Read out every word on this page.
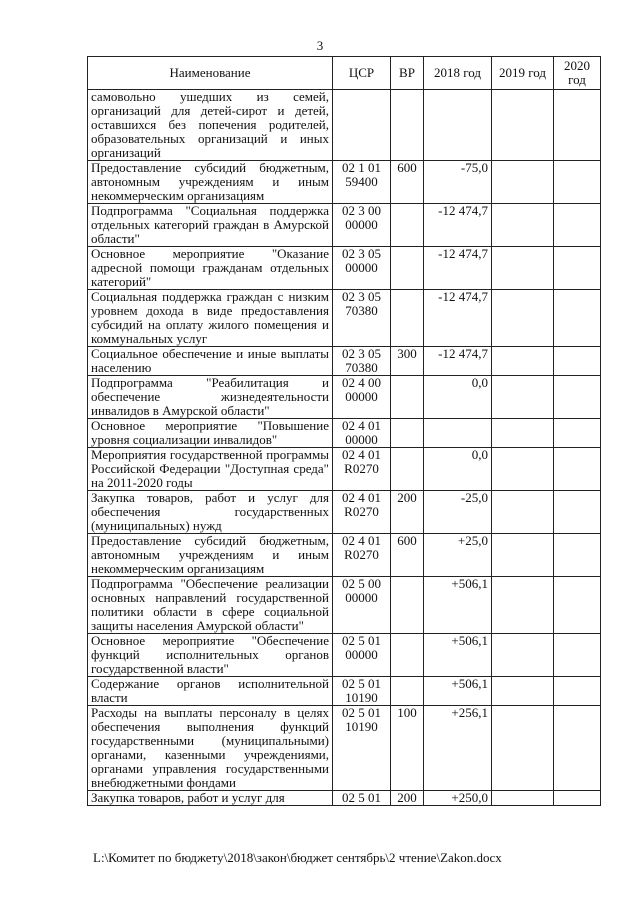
3
Наименование	ЦСР	ВР	2018 год	2019 год	2020 год
самовольно ушедших из семей, организаций для детей-сирот и детей, оставшихся без попечения родителей, образовательных организаций и иных организаций					
Предоставление субсидий бюджетным, автономным учреждениям и иным некоммерческим организациям	02 1 01 59400	600	-75,0		
Подпрограмма "Социальная поддержка отдельных категорий граждан в Амурской области"	02 3 00 00000		-12 474,7		
Основное мероприятие "Оказание адресной помощи гражданам отдельных категорий"	02 3 05 00000		-12 474,7		
Социальная поддержка граждан с низким уровнем дохода в виде предоставления субсидий на оплату жилого помещения и коммунальных услуг	02 3 05 70380		-12 474,7		
Социальное обеспечение и иные выплаты населению	02 3 05 70380	300	-12 474,7		
Подпрограмма "Реабилитация и обеспечение жизнедеятельности инвалидов в Амурской области"	02 4 00 00000		0,0		
Основное мероприятие "Повышение уровня социализации инвалидов"	02 4 01 00000				
Мероприятия государственной программы Российской Федерации "Доступная среда" на 2011-2020 годы	02 4 01 R0270		0,0		
Закупка товаров, работ и услуг для обеспечения государственных (муниципальных) нужд	02 4 01 R0270	200	-25,0		
Предоставление субсидий бюджетным, автономным учреждениям и иным некоммерческим организациям	02 4 01 R0270	600	+25,0		
Подпрограмма "Обеспечение реализации основных направлений государственной политики области в сфере социальной защиты населения Амурской области"	02 5 00 00000		+506,1		
Основное мероприятие "Обеспечение функций исполнительных органов государственной власти"	02 5 01 00000		+506,1		
Содержание органов исполнительной власти	02 5 01 10190		+506,1		
Расходы на выплаты персоналу в целях обеспечения выполнения функций государственными (муниципальными) органами, казенными учреждениями, органами управления государственными внебюджетными фондами	02 5 01 10190	100	+256,1		
Закупка товаров, работ и услуг для	02 5 01	200	+250,0		
L:\Комитет по бюджету\2018\закон\бюджет сентябрь\2 чтение\Zakon.docx
